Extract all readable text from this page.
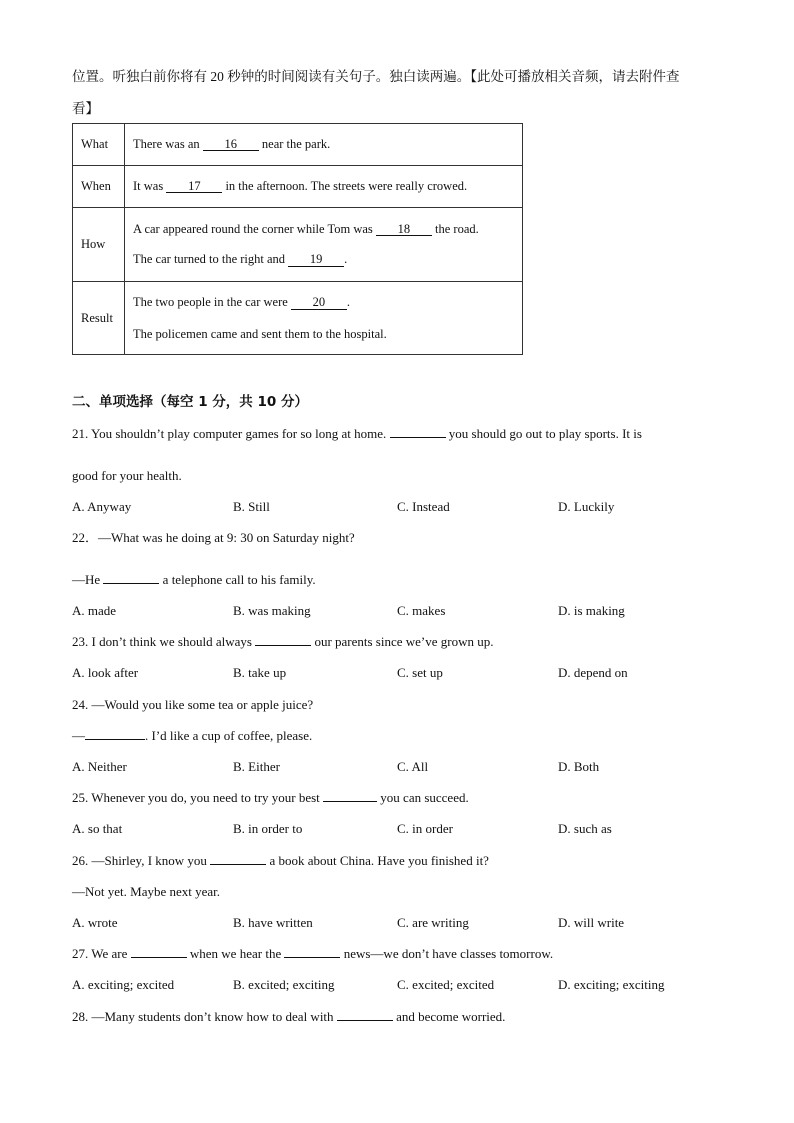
位置。听独白前你将有 20 秒钟的时间阅读有关句子。独白读两遍。【此处可播放相关音频，请去附件查
看】
What	There was an 16 near the park.

When	It was 17 in the afternoon. The streets were really crowed.

How	A car appeared round the corner while Tom was 18 the road.
The car turned to the right and 19 .

Result	The two people in the car were 20 .
The policemen came and sent them to the hospital.
二、单项选择（每空 1 分，共 10 分）
21. You shouldn’t play computer games for so long at home.	you should go out to play sports. It is
good for your health.
A. Anyway	B. Still	C. Instead	D. Luckily
22．—What was he doing at 9: 30 on Saturday night?
—He	a telephone call to his family.
A. made	B. was making	C. makes	D. is making
23. I don’t think we should always	our parents since we’ve grown up.
A. look after	B. take up	C. set up	D. depend on
24. —Would you like some tea or apple juice?
—	. I’d like a cup of coffee, please.
A. Neither	B. Either	C. All	D. Both
25. Whenever you do, you need to try your best	you can succeed.
A. so that	B. in order to	C. in order	D. such as
26. —Shirley, I know you	a book about China. Have you finished it?
—Not yet. Maybe next year.
A. wrote	B. have written	C. are writing	D. will write
27. We are	when we hear the	news—we don’t have classes tomorrow.
A. exciting; excited	B. excited; exciting	C. excited; excited	D. exciting; exciting
28. —Many students don’t know how to deal with	and become worried.
